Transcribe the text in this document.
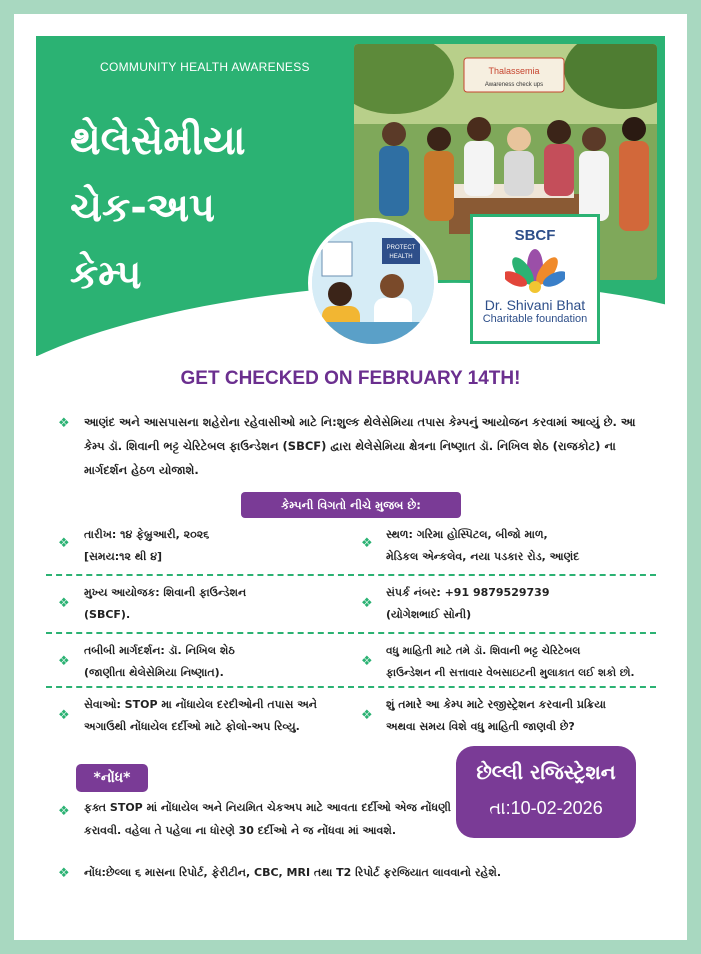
COMMUNITY HEALTH AWARENESS
થેલેસેમીયા
ચેક-અપ
કેમ્પ
Thalassemia
Awareness check ups
PROTECT
HEALTH
SBCF
Dr. Shivani Bhat
Charitable foundation
GET CHECKED ON FEBRUARY 14TH!
❖ આણંદ અને આસપાસના શહેરોના રહેવાસીઓ માટે નિ:શુલ્ક થેલેસેમિયા તપાસ કેમ્પનું આયોજન કરવામાં આવ્યું છે. આ કેમ્પ ડૉ. શિવાની ભટ્ટ ચેરિટેબલ ફાઉન્ડેશન (SBCF) દ્વારા થેલેસેમિયા ક્ષેત્રના નિષ્ણાત ડૉ. નિખિલ શેઠ (રાજકોટ) ના માર્ગદર્શન હેઠળ યોજાશે.
કેમ્પની વિગતો નીચે મુજબ છે:
❖
તારીખ: ૧૪ ફેબ્રુઆરી, ૨૦૨૬
[સમય:૧૨ થી ૪]
❖
સ્થળ: ગરિમા હોસ્પિટલ, બીજો માળ,
મેડિકલ એન્કલેવ, નયા પડકાર રોડ, આણંદ
❖
મુખ્ય આયોજક: શિવાની ફાઉન્ડેશન
(SBCF).
❖
સંપર્ક નંબર: +91 9879529739
(યોગેશભાઈ સોની)
❖
તબીબી માર્ગદર્શન: ડૉ. નિખિલ શેઠ
(જાણીતા થેલેસેમિયા નિષ્ણાત).
❖
વધુ માહિતી માટે તમે ડૉ. શિવાની ભટ્ટ ચેરિટેબલ
ફાઉન્ડેશન ની સત્તાવાર વેબસાઇટની મુલાકાત લઈ શકો છો.
❖
સેવાઓ: STOP મા નોંધાયેલ દરદીઓની તપાસ અને
અગાઉથી નોંધાયેલ દર્દીઓ માટે ફોલો-અપ રિવ્યુ.
❖
શું તમારે આ કેમ્પ માટે રજીસ્ટ્રેશન કરવાની પ્રક્રિયા
અથવા સમય વિશે વધુ માહિતી જાણવી છે?
*નોંધ*	છેલ્લી રજિસ્ટ્રેશન
તા:10-02-2026
❖ ફક્ત STOP માં નોંધાયેલ અને નિયમિત ચેકઅપ માટે આવતા દર્દીઓ એજ નોંધણી કરાવવી. વહેલા તે પહેલા ના ધોરણે 30 દર્દીઓ ને જ નોંધવા માં આવશે.
❖ નોંધ:છેલ્લા ૬ માસના રિપોર્ટ, ફેરીટીન, CBC, MRI તથા T2 રિપોર્ટ ફરજિયાત લાવવાનો રહેશે.
